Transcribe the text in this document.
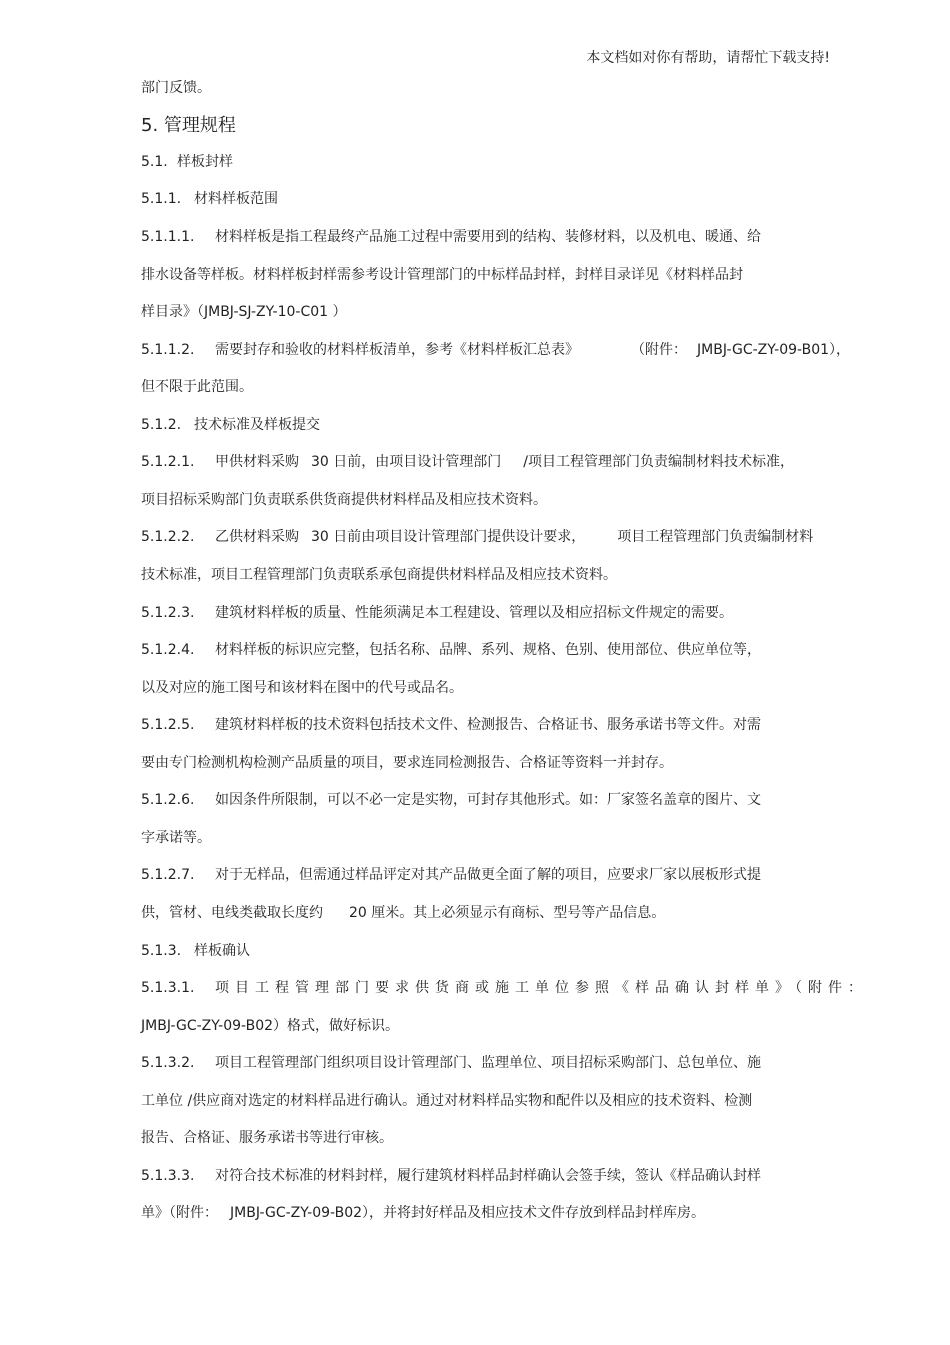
本文档如对你有帮助，请帮忙下载支持!
部门反馈。
5. 管理规程
5.1. 样板封样
5.1.1. 材料样板范围
5.1.1.1. 材料样板是指工程最终产品施工过程中需要用到的结构、装修材料，以及机电、暖通、给
排水设备等样板。材料样板封样需参考设计管理部门的中标样品封样，封样目录详见《材料样品封
样目录》（JMBJ-SJ-ZY-10-C01 ）
5.1.1.2. 需要封存和验收的材料样板清单，参考《材料样板汇总表》	（附件： JMBJ-GC-ZY-09-B01），
但不限于此范围。
5.1.2. 技术标准及样板提交
5.1.2.1. 甲供材料采购 30 日前，由项目设计管理部门 /项目工程管理部门负责编制材料技术标准，
项目招标采购部门负责联系供货商提供材料样品及相应技术资料。
5.1.2.2. 乙供材料采购 30 日前由项目设计管理部门提供设计要求， 项目工程管理部门负责编制材料
技术标准，项目工程管理部门负责联系承包商提供材料样品及相应技术资料。
5.1.2.3. 建筑材料样板的质量、性能须满足本工程建设、管理以及相应招标文件规定的需要。
5.1.2.4. 材料样板的标识应完整，包括名称、品牌、系列、规格、色别、使用部位、供应单位等，
以及对应的施工图号和该材料在图中的代号或品名。
5.1.2.5. 建筑材料样板的技术资料包括技术文件、检测报告、合格证书、服务承诺书等文件。对需
要由专门检测机构检测产品质量的项目，要求连同检测报告、合格证等资料一并封存。
5.1.2.6. 如因条件所限制，可以不必一定是实物，可封存其他形式。如：厂家签名盖章的图片、文
字承诺等。
5.1.2.7. 对于无样品，但需通过样品评定对其产品做更全面了解的项目，应要求厂家以展板形式提
供，管材、电线类截取长度约 20 厘米。其上必须显示有商标、型号等产品信息。
5.1.3. 样板确认
5.1.3.1. 项目工程管理部门要求供货商或施工单位参照《样品确认封样单》（附件：
JMBJ-GC-ZY-09-B02）格式，做好标识。
5.1.3.2. 项目工程管理部门组织项目设计管理部门、监理单位、项目招标采购部门、总包单位、施
工单位 /供应商对选定的材料样品进行确认。通过对材料样品实物和配件以及相应的技术资料、检测
报告、合格证、服务承诺书等进行审核。
5.1.3.3. 对符合技术标准的材料封样，履行建筑材料样品封样确认会签手续，签认《样品确认封样
单》（附件： JMBJ-GC-ZY-09-B02），并将封好样品及相应技术文件存放到样品封样库房。
